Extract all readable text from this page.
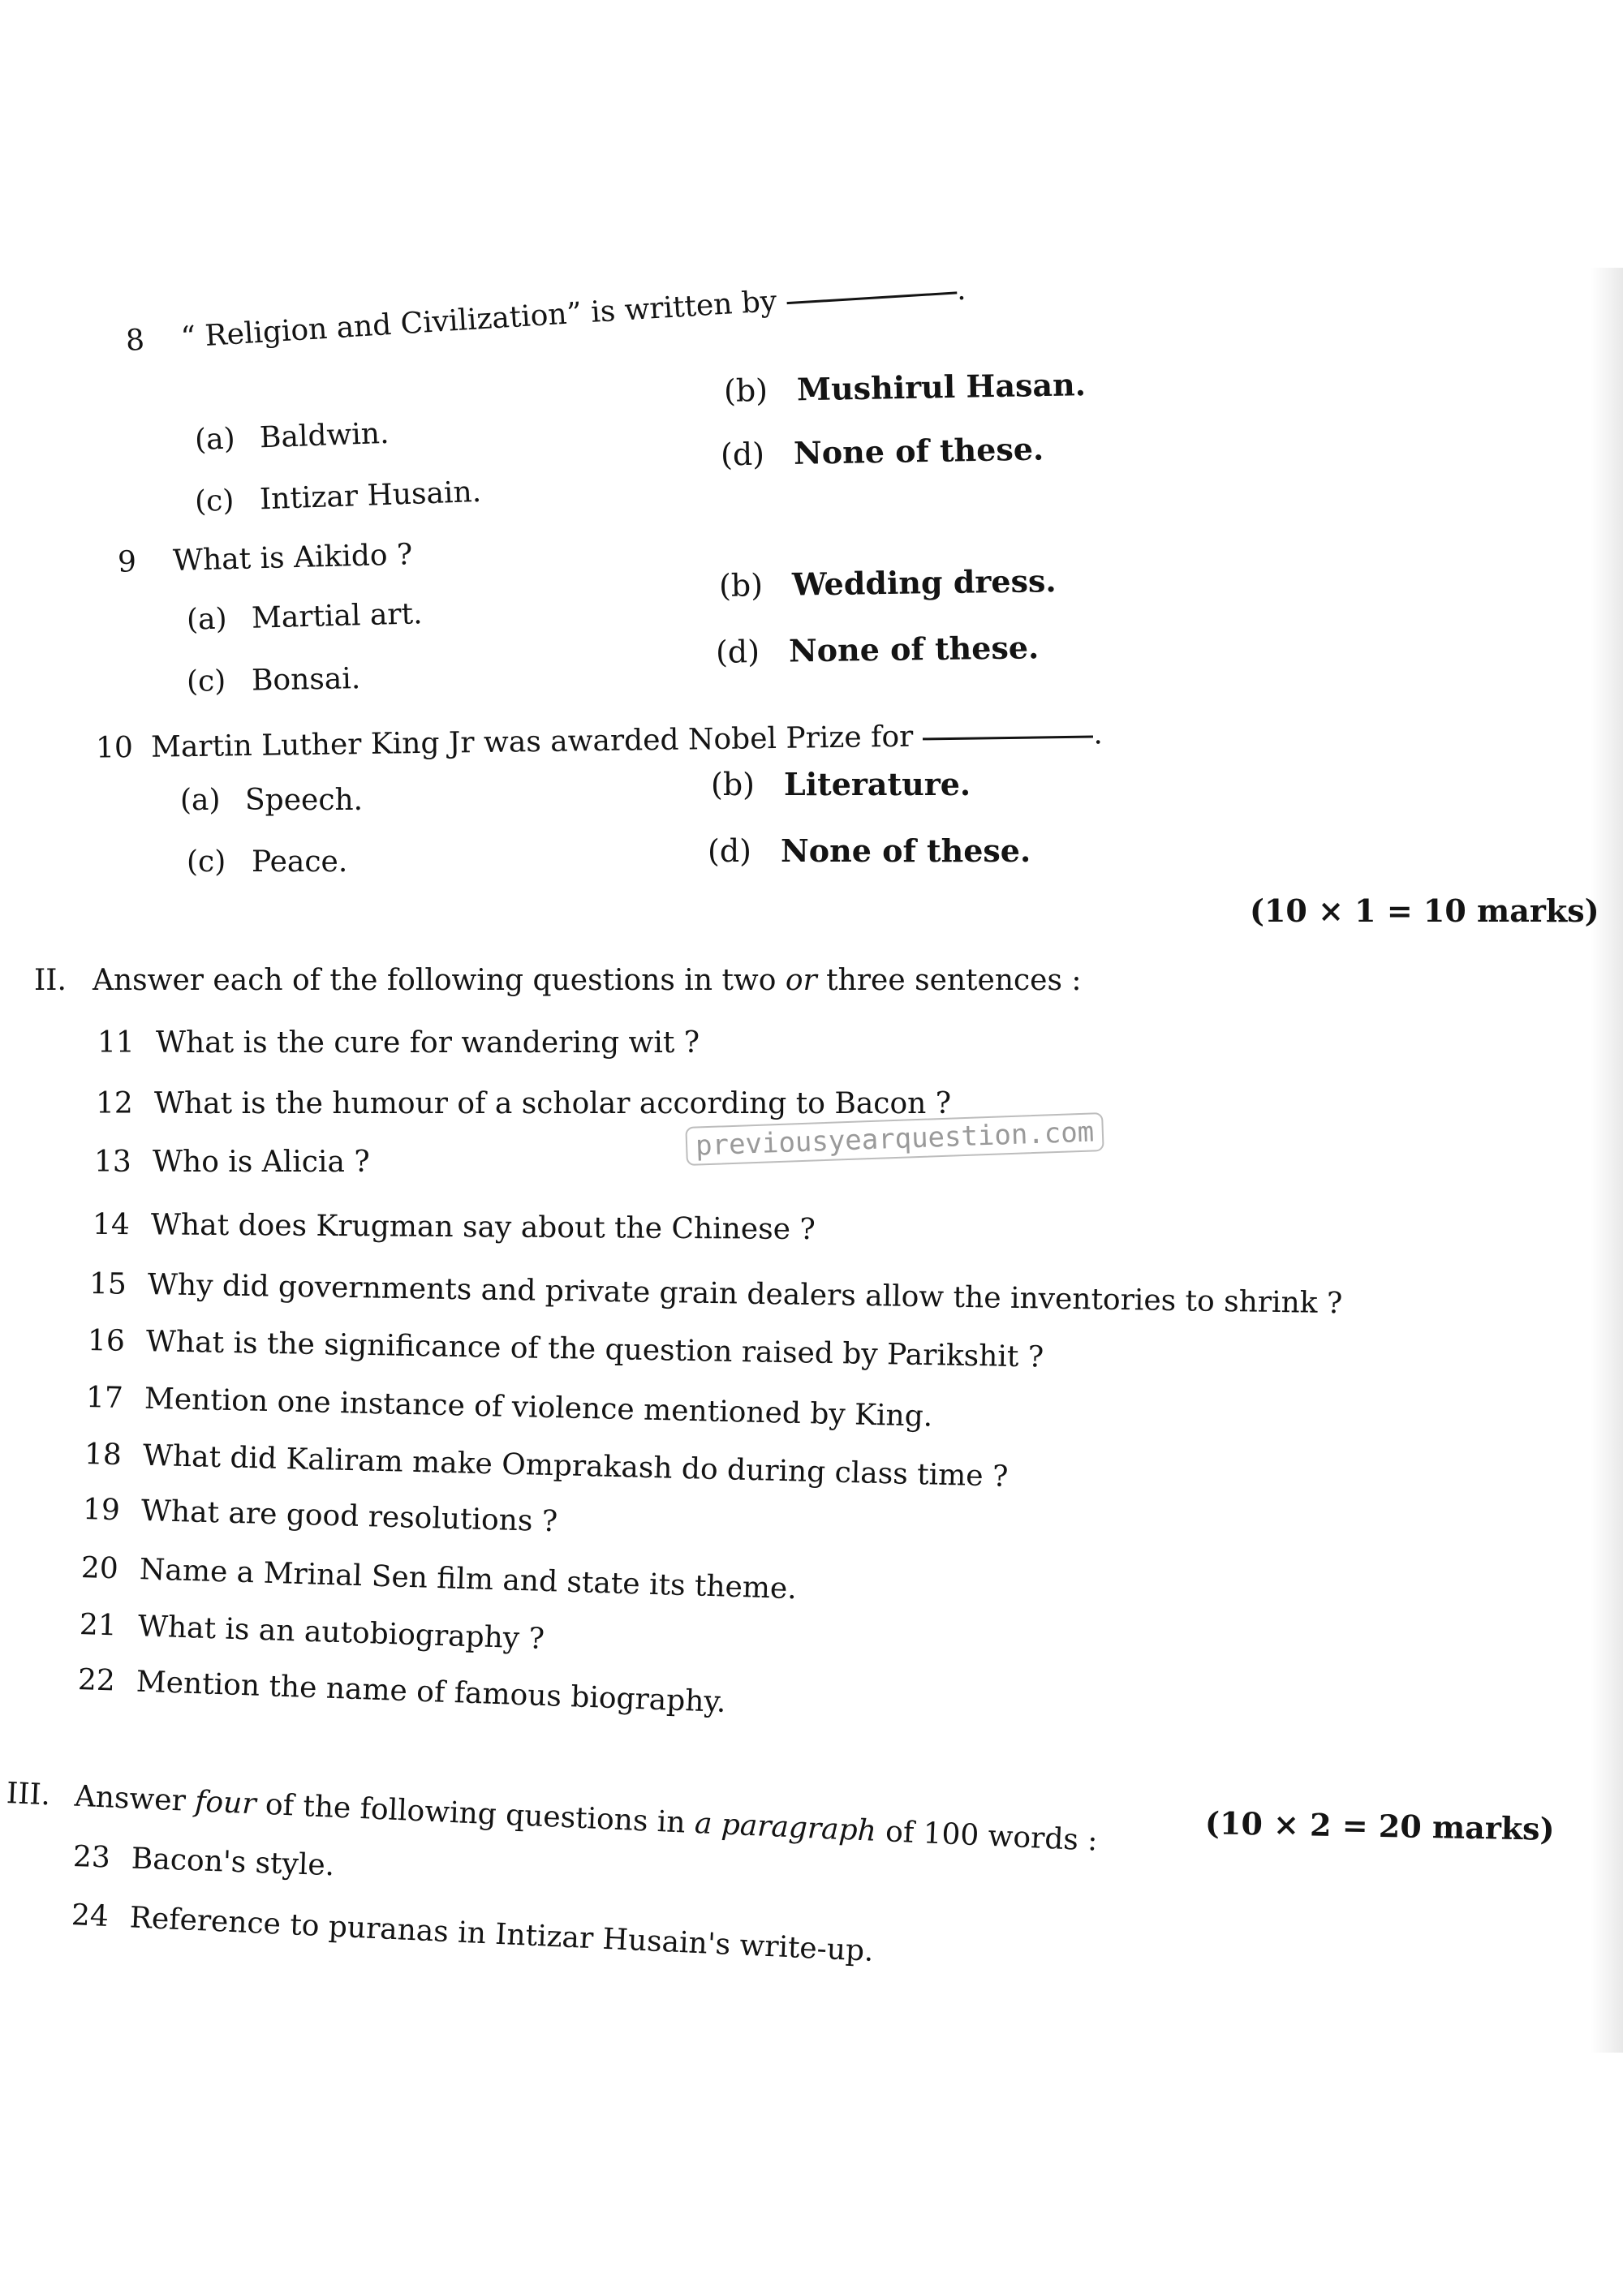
8 “ Religion and Civilization” is written by	.
(a) Baldwin.
(b) Mushirul Hasan.
(c) Intizar Husain.
(d) None of these.
9 What is Aikido ?
(a) Martial art.
(b) Wedding dress.
(c) Bonsai.
(d) None of these.
10 Martin Luther King Jr was awarded Nobel Prize for	.
(a) Speech.	(b) Literature.
(c) Peace.	(d) None of these.
(10 × 1 = 10 marks)
II. Answer each of the following questions in two or three sentences :
11 What is the cure for wandering wit ?
12 What is the humour of a scholar according to Bacon ?
previousyearquestion.com
13 Who is Alicia ?
14 What does Krugman say about the Chinese ?
15 Why did governments and private grain dealers allow the inventories to shrink ?
16 What is the significance of the question raised by Parikshit ?
17 Mention one instance of violence mentioned by King.
18 What did Kaliram make Omprakash do during class time ?
19 What are good resolutions ?
20 Name a Mrinal Sen film and state its theme.
21 What is an autobiography ?
22 Mention the name of famous biography.
(10 × 2 = 20 marks)
III. Answer four of the following questions in a paragraph of 100 words :
23 Bacon's style.
24 Reference to puranas in Intizar Husain's write-up.
